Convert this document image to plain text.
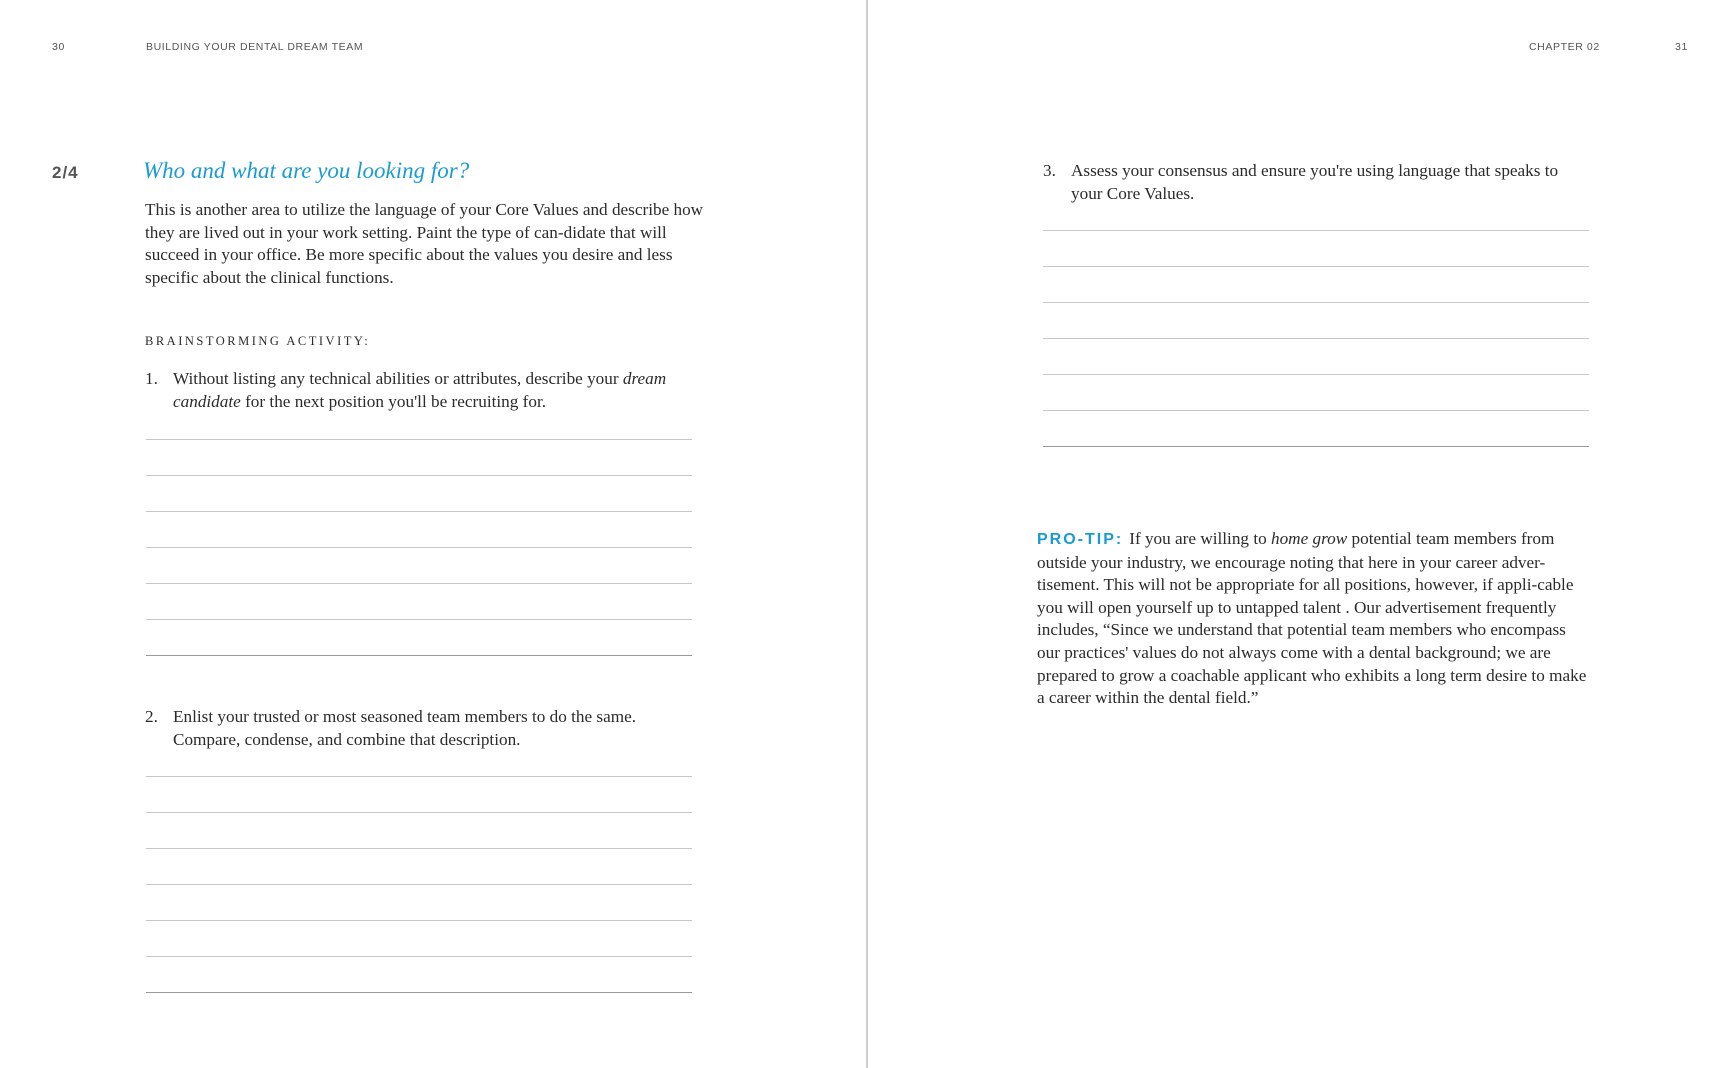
30	BUILDING YOUR DENTAL DREAM TEAM
2/4	Who and what are you looking for?

This is another area to utilize the language of your Core Values and describe how they are lived out in your work setting. Paint the type of can-didate that will succeed in your office. Be more specific about the values you desire and less specific about the clinical functions.

BRAINSTORMING ACTIVITY:
1. Without listing any technical abilities or attributes, describe your dream candidate for the next position you'll be recruiting for.
2. Enlist your trusted or most seasoned team members to do the same. Compare, condense, and combine that description.
CHAPTER 02	31
3. Assess your consensus and ensure you're using language that speaks to your Core Values.

PRO-TIP: If you are willing to home grow potential team members from outside your industry, we encourage noting that here in your career adver-tisement. This will not be appropriate for all positions, however, if appli-cable you will open yourself up to untapped talent . Our advertisement frequently includes, “Since we understand that potential team members who encompass our practices' values do not always come with a dental background; we are prepared to grow a coachable applicant who exhibits a long term desire to make a career within the dental field.”
